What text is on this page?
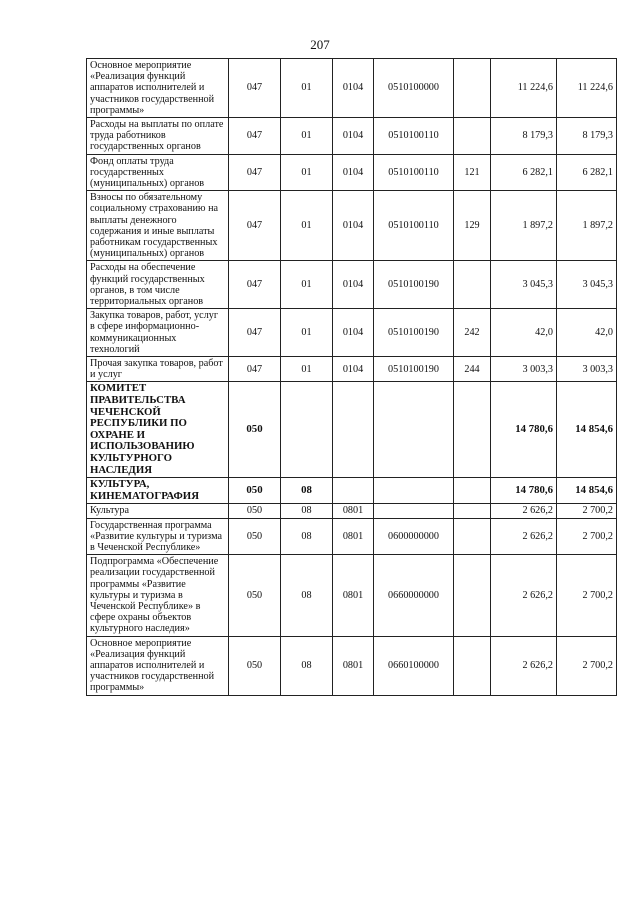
207
Основное мероприятие «Реализация функций аппаратов исполнителей и участников государственной программы»	047	01	0104	0510100000		11 224,6	11 224,6
Расходы на выплаты по оплате труда работников государственных органов	047	01	0104	0510100110		8 179,3	8 179,3
Фонд оплаты труда государственных (муниципальных) органов	047	01	0104	0510100110	121	6 282,1	6 282,1
Взносы по обязательному социальному страхованию на выплаты денежного содержания и иные выплаты работникам государственных (муниципальных) органов	047	01	0104	0510100110	129	1 897,2	1 897,2
Расходы на обеспечение функций государственных органов, в том числе территориальных органов	047	01	0104	0510100190		3 045,3	3 045,3
Закупка товаров, работ, услуг в сфере информационно-коммуникационных технологий	047	01	0104	0510100190	242	42,0	42,0
Прочая закупка товаров, работ и услуг	047	01	0104	0510100190	244	3 003,3	3 003,3
КОМИТЕТ ПРАВИТЕЛЬСТВА ЧЕЧЕНСКОЙ РЕСПУБЛИКИ ПО ОХРАНЕ И ИСПОЛЬЗОВАНИЮ КУЛЬТУРНОГО НАСЛЕДИЯ	050					14 780,6	14 854,6
КУЛЬТУРА, КИНЕМАТОГРАФИЯ	050	08				14 780,6	14 854,6
Культура	050	08	0801			2 626,2	2 700,2
Государственная программа «Развитие культуры и туризма в Чеченской Республике»	050	08	0801	0600000000		2 626,2	2 700,2
Подпрограмма «Обеспечение реализации государственной программы «Развитие культуры и туризма в Чеченской Республике» в сфере охраны объектов культурного наследия»	050	08	0801	0660000000		2 626,2	2 700,2
Основное мероприятие «Реализация функций аппаратов исполнителей и участников государственной программы»	050	08	0801	0660100000		2 626,2	2 700,2
